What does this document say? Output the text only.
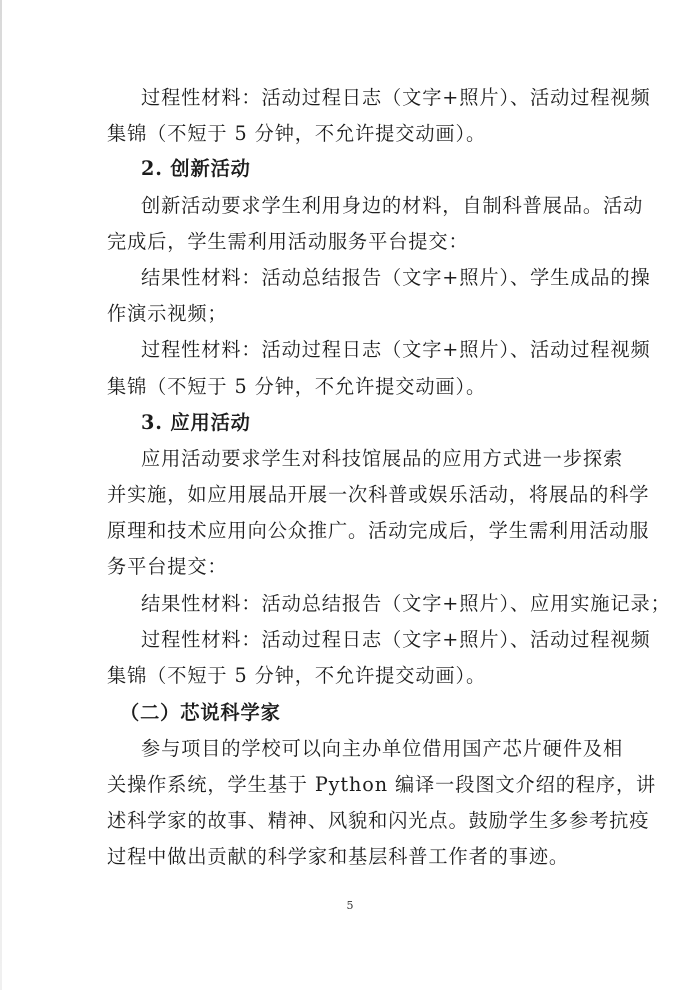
过程性材料：活动过程日志（文字+照片）、活动过程视频
集锦（不短于 5 分钟，不允许提交动画）。
2. 创新活动
创新活动要求学生利用身边的材料，自制科普展品。活动
完成后，学生需利用活动服务平台提交：
结果性材料：活动总结报告（文字+照片）、学生成品的操
作演示视频；
过程性材料：活动过程日志（文字+照片）、活动过程视频
集锦（不短于 5 分钟，不允许提交动画）。
3. 应用活动
应用活动要求学生对科技馆展品的应用方式进一步探索
并实施，如应用展品开展一次科普或娱乐活动，将展品的科学
原理和技术应用向公众推广。活动完成后，学生需利用活动服
务平台提交：
结果性材料：活动总结报告（文字+照片）、应用实施记录；
过程性材料：活动过程日志（文字+照片）、活动过程视频
集锦（不短于 5 分钟，不允许提交动画）。
（二）芯说科学家
参与项目的学校可以向主办单位借用国产芯片硬件及相
关操作系统，学生基于 Python 编译一段图文介绍的程序，讲
述科学家的故事、精神、风貌和闪光点。鼓励学生多参考抗疫
过程中做出贡献的科学家和基层科普工作者的事迹。
5
